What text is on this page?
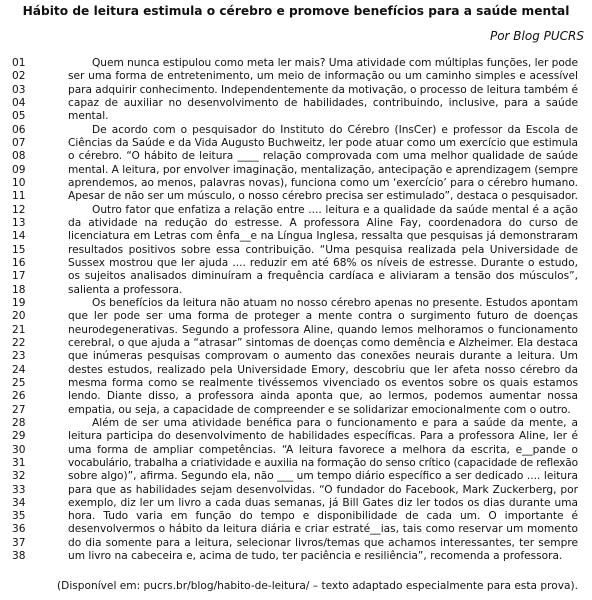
Hábito de leitura estimula o cérebro e promove benefícios para a saúde mental
Por Blog PUCRS
01	Quem nunca estipulou como meta ler mais? Uma atividade com múltiplas funções, ler pode
02	ser uma forma de entretenimento, um meio de informação ou um caminho simples e acessível
03	para adquirir conhecimento. Independentemente da motivação, o processo de leitura também é
04	capaz de auxiliar no desenvolvimento de habilidades, contribuindo, inclusive, para a saúde
05	mental.
06	De acordo com o pesquisador do Instituto do Cérebro (InsCer) e professor da Escola de
07	Ciências da Saúde e da Vida Augusto Buchweitz, ler pode atuar como um exercício que estimula
08	o cérebro. “O hábito de leitura ____ relação comprovada com uma melhor qualidade de saúde
09	mental. A leitura, por envolver imaginação, mentalização, antecipação e aprendizagem (sempre
10	aprendemos, ao menos, palavras novas), funciona como um ‘exercício’ para o cérebro humano.
11	Apesar de não ser um músculo, o nosso cérebro precisa ser estimulado”, destaca o pesquisador.
12	Outro fator que enfatiza a relação entre .... leitura e a qualidade da saúde mental é a ação
13	da atividade na redução do estresse. A professora Aline Fay, coordenadora do curso de
14	licenciatura em Letras com ênfa__e na Língua Inglesa, ressalta que pesquisas já demonstraram
15	resultados positivos sobre essa contribuição. “Uma pesquisa realizada pela Universidade de
16	Sussex mostrou que ler ajuda .... reduzir em até 68% os níveis de estresse. Durante o estudo,
17	os sujeitos analisados diminuíram a frequência cardíaca e aliviaram a tensão dos músculos”,
18	salienta a professora.
19	Os benefícios da leitura não atuam no nosso cérebro apenas no presente. Estudos apontam
20	que ler pode ser uma forma de proteger a mente contra o surgimento futuro de doenças
21	neurodegenerativas. Segundo a professora Aline, quando lemos melhoramos o funcionamento
22	cerebral, o que ajuda a “atrasar” sintomas de doenças como demência e Alzheimer. Ela destaca
23	que inúmeras pesquisas comprovam o aumento das conexões neurais durante a leitura. Um
24	destes estudos, realizado pela Universidade Emory, descobriu que ler afeta nosso cérebro da
25	mesma forma como se realmente tivéssemos vivenciado os eventos sobre os quais estamos
26	lendo. Diante disso, a professora ainda aponta que, ao lermos, podemos aumentar nossa
27	empatia, ou seja, a capacidade de compreender e se solidarizar emocionalmente com o outro.
28	Além de ser uma atividade benéfica para o funcionamento e para a saúde da mente, a
29	leitura participa do desenvolvimento de habilidades específicas. Para a professora Aline, ler é
30	uma forma de ampliar competências. “A leitura favorece a melhora da escrita, e__pande o
31	vocabulário, trabalha a criatividade e auxilia na formação do senso crítico (capacidade de reflexão
32	sobre algo)”, afirma. Segundo ela, não ___ um tempo diário específico a ser dedicado .... leitura
33	para que as habilidades sejam desenvolvidas. “O fundador do Facebook, Mark Zuckerberg, por
34	exemplo, diz ler um livro a cada duas semanas, já Bill Gates diz ler todos os dias durante uma
35	hora. Tudo varia em função do tempo e disponibilidade de cada um. O importante é
36	desenvolvermos o hábito da leitura diária e criar estraté__ias, tais como reservar um momento
37	do dia somente para a leitura, selecionar livros/temas que achamos interessantes, ter sempre
38	um livro na cabeceira e, acima de tudo, ter paciência e resiliência”, recomenda a professora.
(Disponível em: pucrs.br/blog/habito-de-leitura/ – texto adaptado especialmente para esta prova).
